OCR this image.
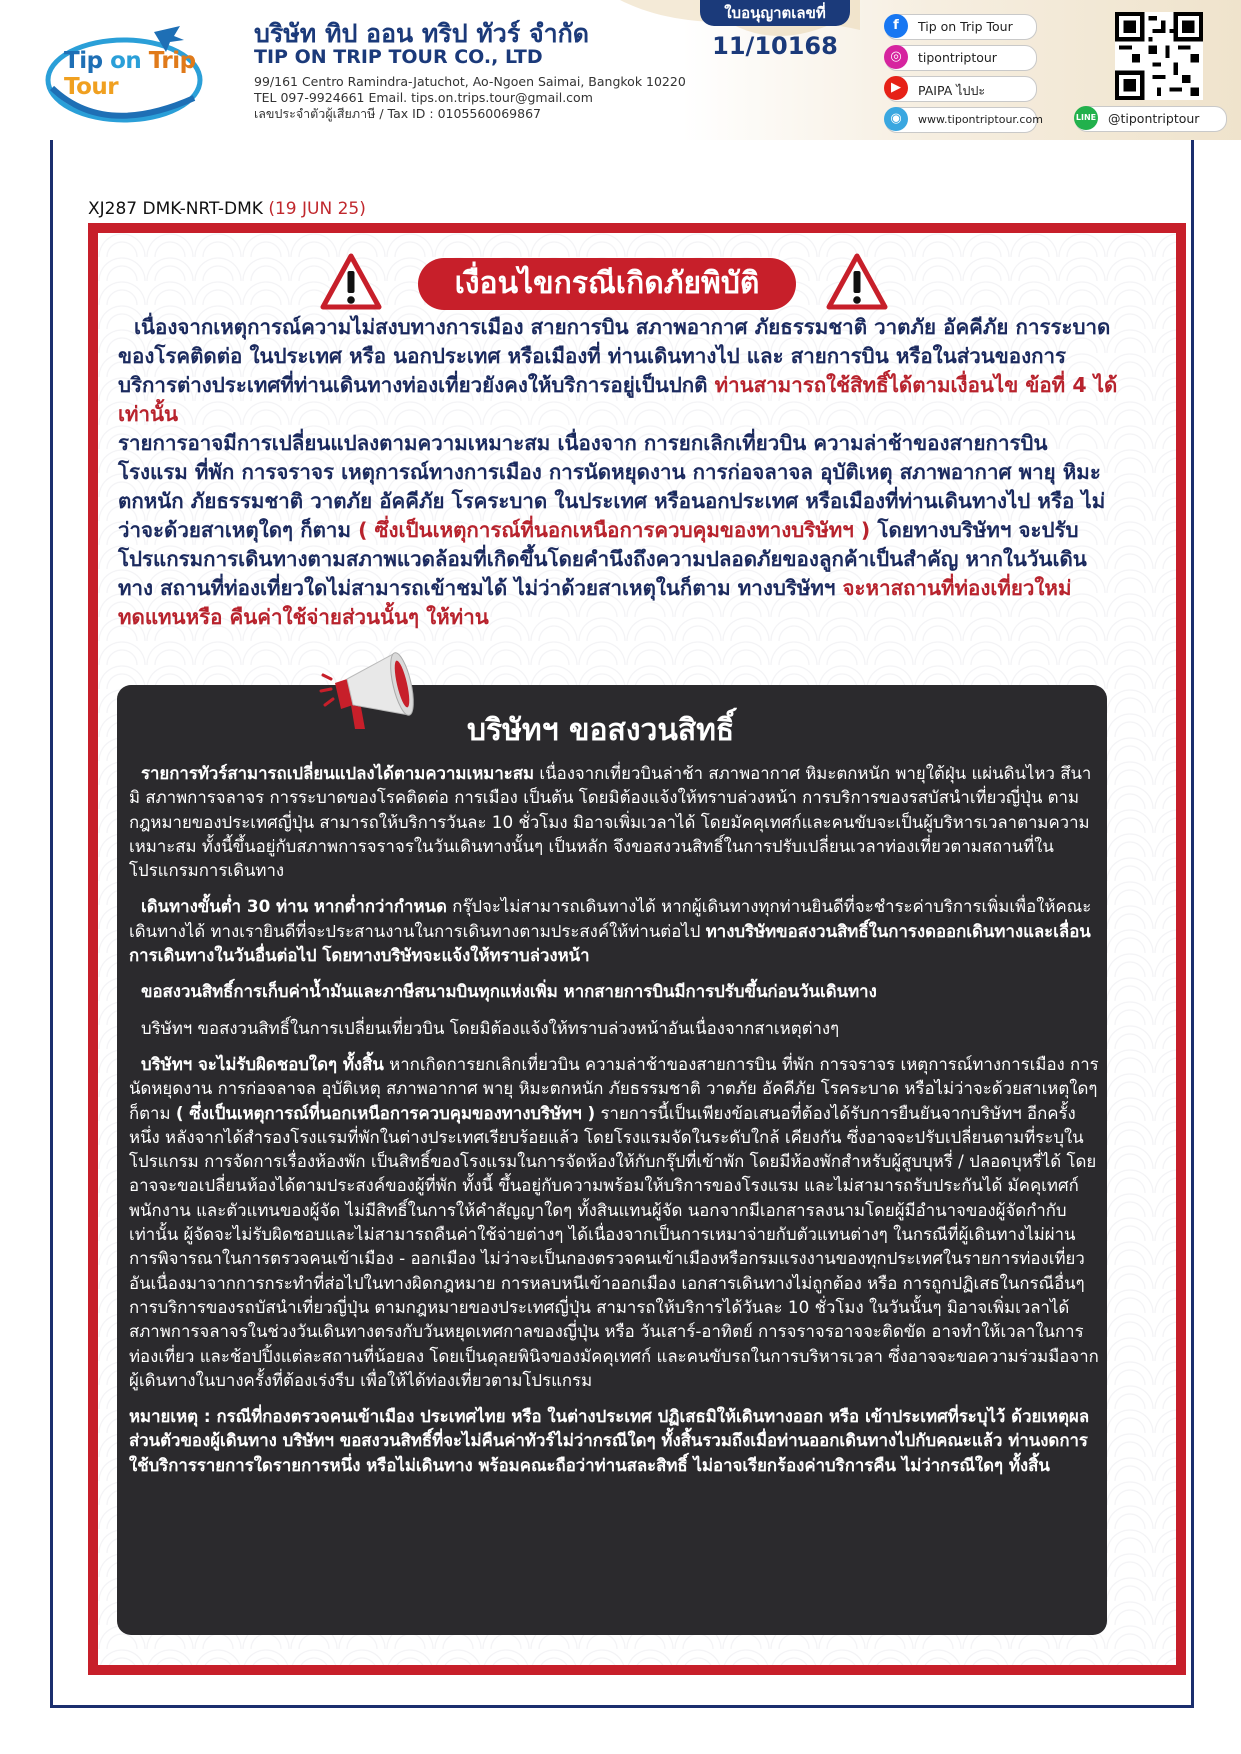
Tip on Trip Tour
บริษัท ทิป ออน ทริป ทัวร์ จำกัด
TIP ON TRIP TOUR CO., LTD
99/161 Centro Ramindra-Jatuchot, Ao-Ngoen Saimai, Bangkok 10220
TEL 097-9924661 Email. tips.on.trips.tour@gmail.com
เลขประจำตัวผู้เสียภาษี / Tax ID : 0105560069867
ใบอนุญาตเลขที่
11/10168
f	Tip on Trip Tour
◎	tipontriptour
▶	PAIPA ไปปะ
◉	www.tipontriptour.com	LINE @tipontriptour
XJ287 DMK-NRT-DMK (19 JUN 25)
เงื่อนไขกรณีเกิดภัยพิบัติ

เนื่องจากเหตุการณ์ความไม่สงบทางการเมือง สายการบิน สภาพอากาศ ภัยธรรมชาติ วาตภัย อัคคีภัย การระบาด ของโรคติดต่อ ในประเทศ หรือ นอกประเทศ หรือเมืองที่ ท่านเดินทางไป และ สายการบิน หรือในส่วนของการบริการต่างประเทศที่ท่านเดินทางท่องเที่ยวยังคงให้บริการอยู่เป็นปกติ ท่านสามารถใช้สิทธิ์ได้ตามเงื่อนไข ข้อที่ 4 ได้เท่านั้น

รายการอาจมีการเปลี่ยนแปลงตามความเหมาะสม เนื่องจาก การยกเลิกเที่ยวบิน ความล่าช้าของสายการบิน โรงแรม ที่พัก การจราจร เหตุการณ์ทางการเมือง การนัดหยุดงาน การก่อจลาจล อุบัติเหตุ สภาพอากาศ พายุ หิมะตกหนัก ภัยธรรมชาติ วาตภัย อัคคีภัย โรคระบาด ในประเทศ หรือนอกประเทศ หรือเมืองที่ท่านเดินทางไป หรือ ไม่ว่าจะด้วยสาเหตุใดๆ ก็ตาม ( ซึ่งเป็นเหตุการณ์ที่นอกเหนือการควบคุมของทางบริษัทฯ ) โดยทางบริษัทฯ จะปรับโปรแกรมการเดินทางตามสภาพแวดล้อมที่เกิดขึ้นโดยคำนึงถึงความปลอดภัยของลูกค้าเป็นสำคัญ หากในวันเดินทาง สถานที่ท่องเที่ยวใดไม่สามารถเข้าชมได้ ไม่ว่าด้วยสาเหตุในก็ตาม ทางบริษัทฯ จะหาสถานที่ท่องเที่ยวใหม่ทดแทนหรือ คืนค่าใช้จ่ายส่วนนั้นๆ ให้ท่าน

บริษัทฯ ขอสงวนสิทธิ์

รายการทัวร์สามารถเปลี่ยนแปลงได้ตามความเหมาะสม เนื่องจากเที่ยวบินล่าช้า สภาพอากาศ หิมะตกหนัก พายุใต้ฝุ่น แผ่นดินไหว สึนามิ สภาพการจลาจร การระบาดของโรคติดต่อ การเมือง เป็นต้น โดยมิต้องแจ้งให้ทราบล่วงหน้า การบริการของรสบัสนำเที่ยวญี่ปุ่น ตามกฎหมายของประเทศญี่ปุ่น สามารถให้บริการวันละ 10 ชั่วโมง มิอาจเพิ่มเวลาได้ โดยมัคคุเทศก์และคนขับจะเป็นผู้บริหารเวลาตามความเหมาะสม ทั้งนี้ขึ้นอยู่กับสภาพการจราจรในวันเดินทางนั้นๆ เป็นหลัก จึงขอสงวนสิทธิ์ในการปรับเปลี่ยนเวลาท่องเที่ยวตามสถานที่ในโปรแกรมการเดินทาง

เดินทางขั้นต่ำ 30 ท่าน หากต่ำกว่ากำหนด กรุ๊ปจะไม่สามารถเดินทางได้ หากผู้เดินทางทุกท่านยินดีที่จะชำระค่าบริการเพิ่มเพื่อให้คณะเดินทางได้ ทางเรายินดีที่จะประสานงานในการเดินทางตามประสงค์ให้ท่านต่อไป ทางบริษัทขอสงวนสิทธิ์ในการงดออกเดินทางและเลื่อนการเดินทางในวันอื่นต่อไป โดยทางบริษัทจะแจ้งให้ทราบล่วงหน้า

ขอสงวนสิทธิ์การเก็บค่าน้ำมันและภาษีสนามบินทุกแห่งเพิ่ม หากสายการบินมีการปรับขึ้นก่อนวันเดินทาง

บริษัทฯ ขอสงวนสิทธิ์ในการเปลี่ยนเที่ยวบิน โดยมิต้องแจ้งให้ทราบล่วงหน้าอันเนื่องจากสาเหตุต่างๆ

บริษัทฯ จะไม่รับผิดชอบใดๆ ทั้งสิ้น หากเกิดการยกเลิกเที่ยวบิน ความล่าช้าของสายการบิน ที่พัก การจราจร เหตุการณ์ทางการเมือง การนัดหยุดงาน การก่อจลาจล อุบัติเหตุ สภาพอากาศ พายุ หิมะตกหนัก ภัยธรรมชาติ วาตภัย อัคคีภัย โรคระบาด หรือไม่ว่าจะด้วยสาเหตุใดๆ ก็ตาม ( ซึ่งเป็นเหตุการณ์ที่นอกเหนือการควบคุมของทางบริษัทฯ ) รายการนี้เป็นเพียงข้อเสนอที่ต้องได้รับการยืนยันจากบริษัทฯ อีกครั้งหนึ่ง หลังจากได้สำรองโรงแรมที่พักในต่างประเทศเรียบร้อยแล้ว โดยโรงแรมจัดในระดับใกล้ เคียงกัน ซึ่งอาจจะปรับเปลี่ยนตามที่ระบุในโปรแกรม การจัดการเรื่องห้องพัก เป็นสิทธิ์ของโรงแรมในการจัดห้องให้กับกรุ๊ปที่เข้าพัก โดยมีห้องพักสำหรับผู้สูบบุหรี่ / ปลอดบุหรี่ได้ โดยอาจจะขอเปลี่ยนห้องได้ตามประสงค์ของผู้ที่พัก ทั้งนี้ ขึ้นอยู่กับความพร้อมให้บริการของโรงแรม และไม่สามารถรับประกันได้ มัคคุเทศก์ พนักงาน และตัวแทนของผู้จัด ไม่มีสิทธิ์ในการให้คำสัญญาใดๆ ทั้งสินแทนผู้จัด นอกจากมีเอกสารลงนามโดยผู้มีอำนาจของผู้จัดกำกับเท่านั้น ผู้จัดจะไม่รับผิดชอบและไม่สามารถคืนค่าใช้จ่ายต่างๆ ได้เนื่องจากเป็นการเหมาจ่ายกับตัวแทนต่างๆ ในกรณีที่ผู้เดินทางไม่ผ่านการพิจารณาในการตรวจคนเข้าเมือง - ออกเมือง ไม่ว่าจะเป็นกองตรวจคนเข้าเมืองหรือกรมแรงงานของทุกประเทศในรายการท่องเที่ยว อันเนื่องมาจากการกระทำที่ส่อไปในทางผิดกฎหมาย การหลบหนีเข้าออกเมือง เอกสารเดินทางไม่ถูกต้อง หรือ การถูกปฏิเสธในกรณีอื่นๆ การบริการของรถบัสนำเที่ยวญี่ปุ่น ตามกฎหมายของประเทศญี่ปุ่น สามารถให้บริการได้วันละ 10 ชั่วโมง ในวันนั้นๆ มิอาจเพิ่มเวลาได้ สภาพการจลาจรในช่วงวันเดินทางตรงกับวันหยุดเทศกาลของญี่ปุ่น หรือ วันเสาร์-อาทิตย์ การจราจรอาจจะติดขัด อาจทำให้เวลาในการท่องเที่ยว และช้อปปิ้งแต่ละสถานที่น้อยลง โดยเป็นดุลยพินิจของมัคคุเทศก์ และคนขับรถในการบริหารเวลา ซึ่งอาจจะขอความร่วมมือจากผู้เดินทางในบางครั้งที่ต้องเร่งรีบ เพื่อให้ได้ท่องเที่ยวตามโปรแกรม

หมายเหตุ : กรณีที่กองตรวจคนเข้าเมือง ประเทศไทย หรือ ในต่างประเทศ ปฏิเสธมิให้เดินทางออก หรือ เข้าประเทศที่ระบุไว้ ด้วยเหตุผลส่วนตัวของผู้เดินทาง บริษัทฯ ขอสงวนสิทธิ์ที่จะไม่คืนค่าทัวร์ไม่ว่ากรณีใดๆ ทั้งสิ้นรวมถึงเมื่อท่านออกเดินทางไปกับคณะแล้ว ท่านงดการใช้บริการรายการใดรายการหนึ่ง หรือไม่เดินทาง พร้อมคณะถือว่าท่านสละสิทธิ์ ไม่อาจเรียกร้องค่าบริการคืน ไม่ว่ากรณีใดๆ ทั้งสิ้น
